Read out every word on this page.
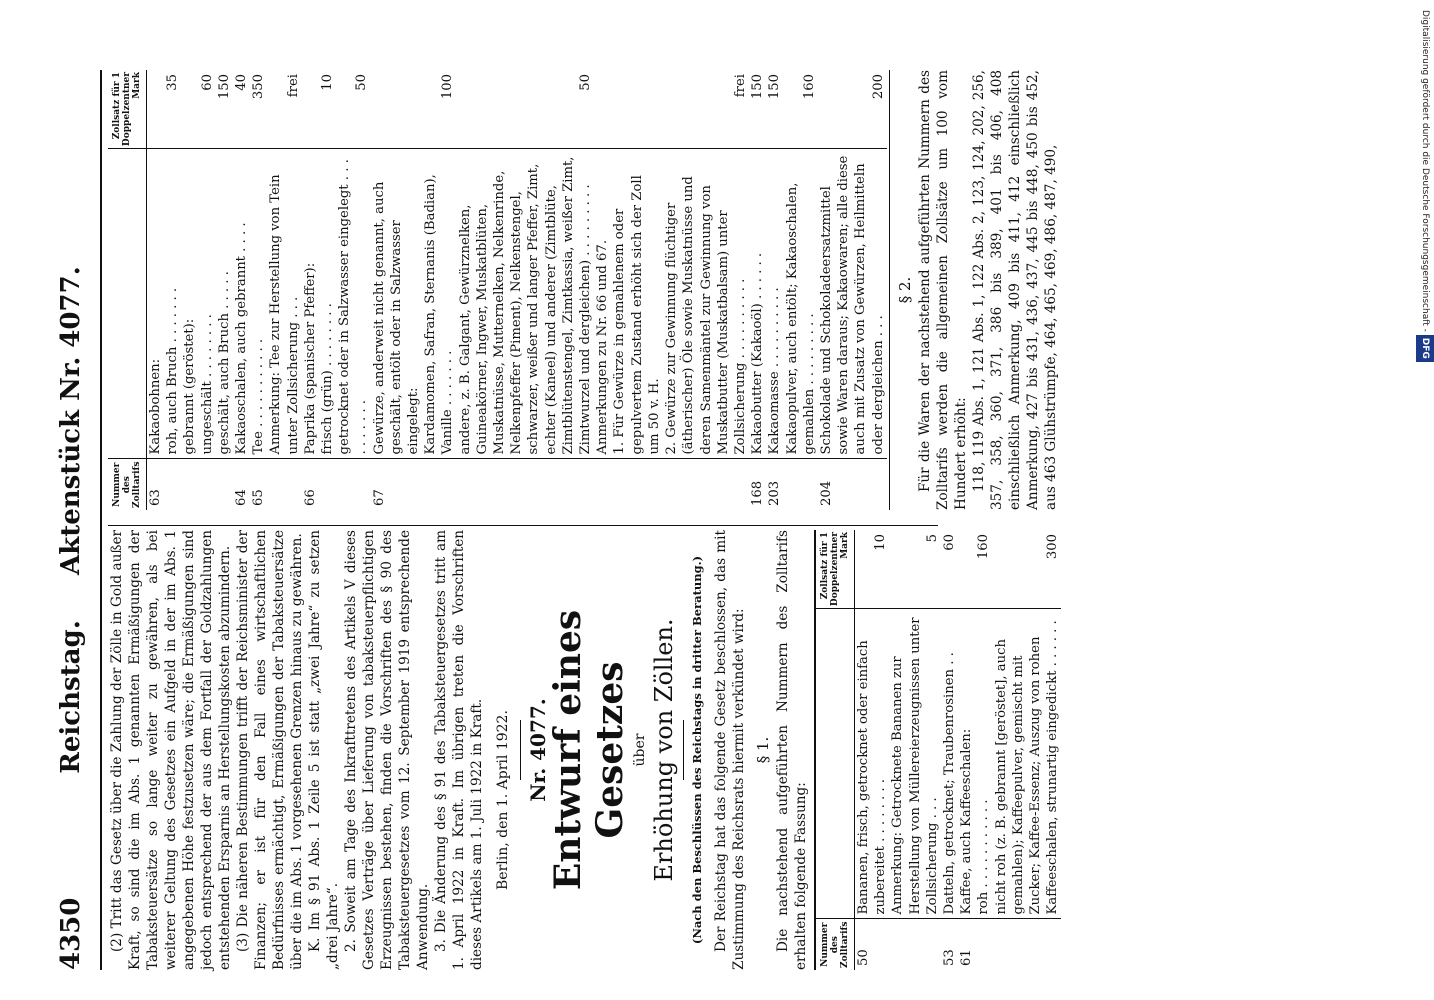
4350
Reichstag.     Aktenstück Nr. 4077.

(2) Tritt das Gesetz über die Zahlung der Zölle in Gold außer Kraft, so sind die im Abs. 1 genannten Ermäßigungen der Tabaksteuersätze so lange weiter zu gewähren, als bei weiterer Geltung des Gesetzes ein Aufgeld in der im Abs. 1 angegebenen Höhe festzusetzen wäre; die Ermäßigungen sind jedoch entsprechend der aus dem Fortfall der Goldzahlungen entstehenden Ersparnis an Herstellungskosten abzumindern. (3) Die näheren Bestimmungen trifft der Reichsminister der Finanzen; er ist für den Fall eines wirtschaftlichen Bedürfnisses ermächtigt, Ermäßigungen der Tabaksteuersätze über die im Abs. 1 vorgesehenen Grenzen hinaus zu gewähren. K. Im § 91 Abs. 1 Zeile 5 ist statt „zwei Jahre“ zu setzen „drei Jahre“. 2. Soweit am Tage des Inkrafttretens des Artikels V dieses Gesetzes Verträge über Lieferung von tabaksteuerpflichtigen Erzeugnissen bestehen, finden die Vorschriften des § 90 des Tabaksteuergesetzes vom 12. September 1919 entsprechende Anwendung. 3. Die Änderung des § 91 des Tabaksteuergesetzes tritt am 1. April 1922 in Kraft. Im übrigen treten die Vorschriften dieses Artikels am 1. Juli 1922 in Kraft. Berlin, den 1. April 1922. Nr. 4077.
Entwurf eines Gesetzes über Erhöhung von Zöllen. (Nach den Beschlüssen des Reichstags in dritter Beratung.) Der Reichstag hat das folgende Gesetz beschlossen, das mit Zustimmung des Reichsrats hiermit verkündet wird: § 1. Die nachstehend aufgeführten Nummern des Zolltarifs erhalten folgende Fassung: Nummer des Zolltarifs		Zollsatz für 1 Doppelzentner
Mark
50	Bananen, frisch, getrocknet oder einfach zubereitet . . . . . . . .	10
	Anmerkung: Getrocknete Bananen zur Herstellung von Müllereierzeugnissen unter Zollsicherung . . .	5
53	Datteln, getrocknet; Traubenrosinen . .	60
61	Kaffee, auch Kaffeeschalen:	
	roh . . . . . . . . . . .	160
	nicht roh (z. B. gebrannt [geröstet], auch gemahlen); Kaffeepulver, gemischt mit Zucker; Kaffee-Essenz; Auszug von rohen Kaffeeschalen, strunartig eingedickt . . . . . .	300
Nummer des Zolltarifs		Zollsatz für 1 Doppelzentner
Mark
63	Kakaobohnen:	
	roh, auch Bruch . . . . . . .	35
	gebrannt (geröstet):	
	ungeschält . . . . . . . .	60
	geschält, auch Bruch . . . . .	150
64	Kakaoschalen, auch gebrannt . . . .	40
65	Tee . . . . . . . . . . .	350
	Anmerkung: Tee zur Herstellung von Tein unter Zollsicherung . . .	frei
66	Paprika (spanischer Pfeffer):	
	frisch (grün) . . . . . . . .	10
	getrocknet oder in Salzwasser eingelegt . . . . . . . . . .	50
67	Gewürze, anderweit nicht genannt, auch geschält, entölt oder in Salzwasser eingelegt:	
	Kardamomen, Safran, Sternanis (Badian), Vanille . . . . . . .	100
	andere, z. B. Galgant, Gewürznelken, Guineakörner, Ingwer, Muskatblüten, Muskatnüsse, Mutternelken, Nelkenrinde, Nelkenpfeffer (Piment), Nelkenstengel, schwarzer, weißer und langer Pfeffer, Zimt, echter (Kaneel) und anderer (Zimtblüte, Zimtblütenstengel, Zimtkassia, weißer Zimt, Zimtwurzel und dergleichen) . . . . . . . . .	50
	Anmerkungen zu Nr. 66 und 67.	
	1. Für Gewürze in gemahlenem oder gepulvertem Zustand erhöht sich der Zoll um 50 v. H.	
	2. Gewürze zur Gewinnung flüchtiger (ätherischer) Öle sowie Muskatnüsse und deren Samenmäntel zur Gewinnung von Muskatbutter (Muskatbalsam) unter Zollsicherung . . . . . . . . . .	frei
168	Kakaobutter (Kakaoöl) . . . . . .	150
203	Kakaomasse . . . . . . . . . .	150
	Kakaopulver, auch entölt; Kakaoschalen, gemahlen . . . . . . . . .	160
204	Schokolade und Schokoladeersatzmittel sowie Waren daraus; Kakaowaren; alle diese auch mit Zusatz von Gewürzen, Heilmitteln oder dergleichen . . .	200
§ 2. Für die Waren der nachstehend aufgeführten Nummern des Zolltarifs werden die allgemeinen Zollsätze um 100 vom Hundert erhöht: 118, 119 Abs. 1, 121 Abs. 1, 122 Abs. 2, 123, 124, 202, 256, 357, 358, 360, 371, 386 bis 389, 401 bis 406, 408 einschließlich Anmerkung, 409 bis 411, 412 einschließlich Anmerkung, 427 bis 431, 436, 437, 445 bis 448, 450 bis 452, aus 463 Glühstrümpfe, 464, 465, 469, 486, 487, 490,	Digitalisierung gefördert durch die Deutsche Forschungsgemeinschaft - DFG
